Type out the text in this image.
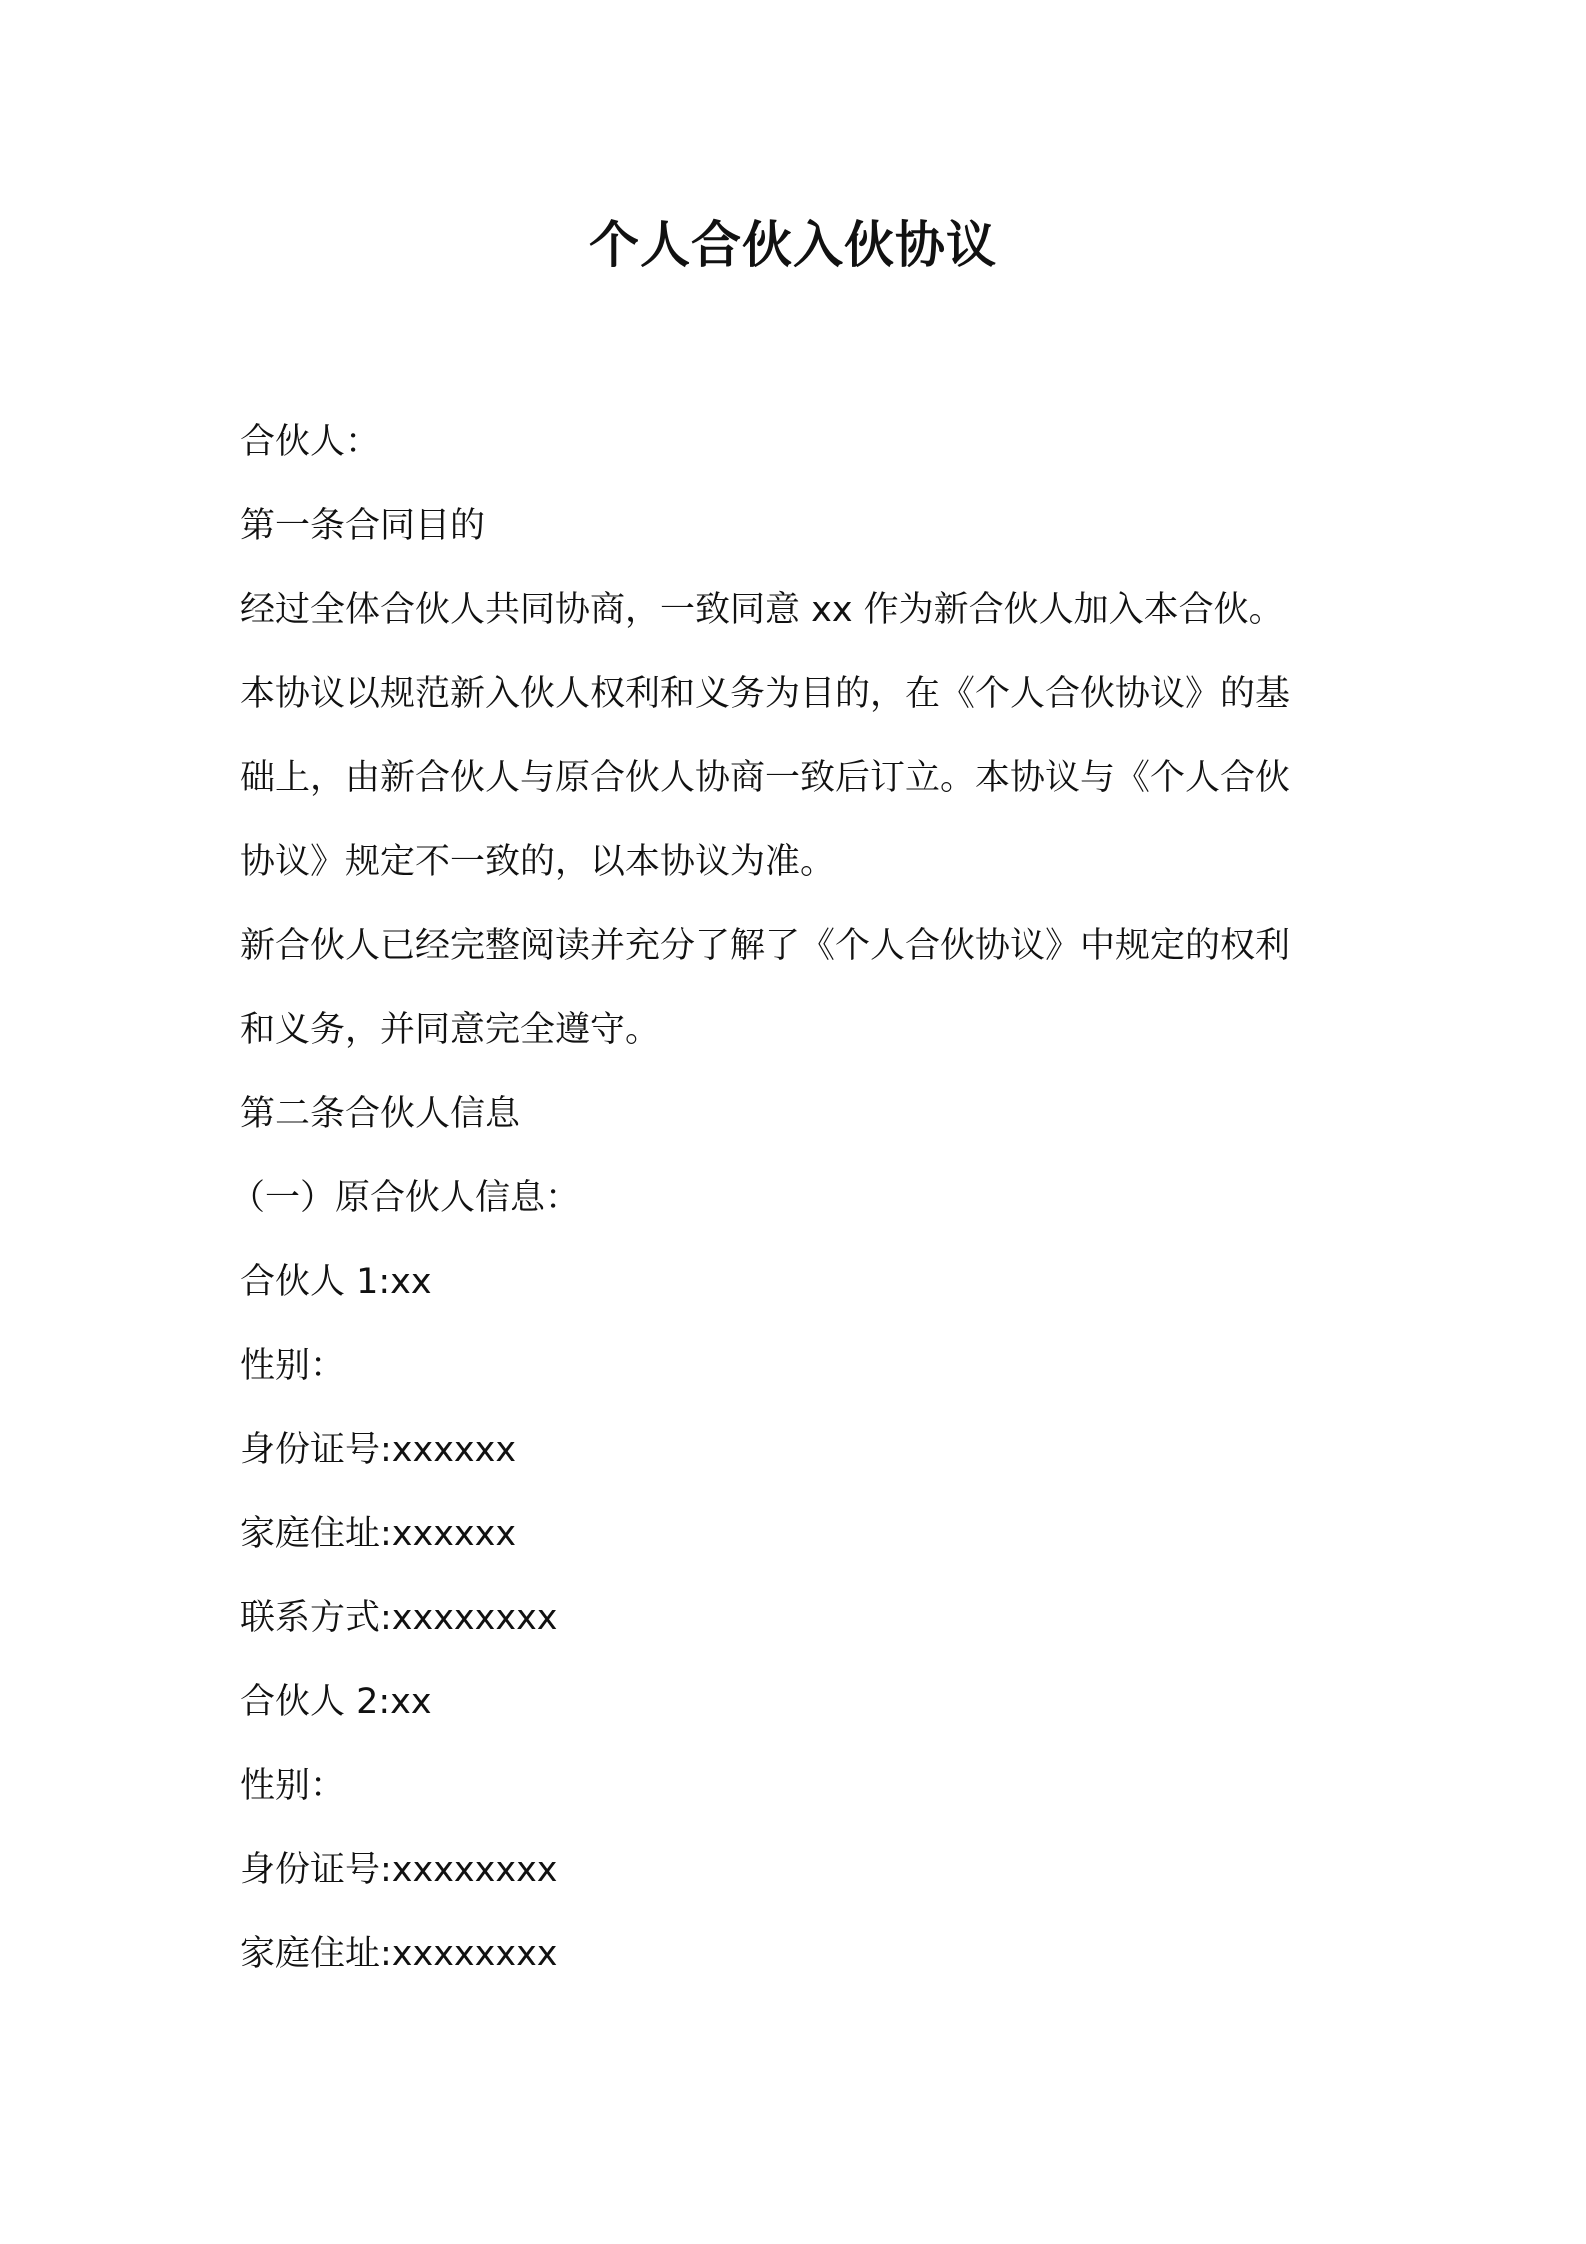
个人合伙入伙协议

合伙人：

第一条合同目的

经过全体合伙人共同协商，一致同意 xx 作为新合伙人加入本合伙。

本协议以规范新入伙人权利和义务为目的，在《个人合伙协议》的基

础上，由新合伙人与原合伙人协商一致后订立。本协议与《个人合伙

协议》规定不一致的，以本协议为准。

新合伙人已经完整阅读并充分了解了《个人合伙协议》中规定的权利

和义务，并同意完全遵守。

第二条合伙人信息

（一）原合伙人信息：

合伙人 1:xx

性别：

身份证号:xxxxxx

家庭住址:xxxxxx

联系方式:xxxxxxxx

合伙人 2:xx

性别：

身份证号:xxxxxxxx

家庭住址:xxxxxxxx
